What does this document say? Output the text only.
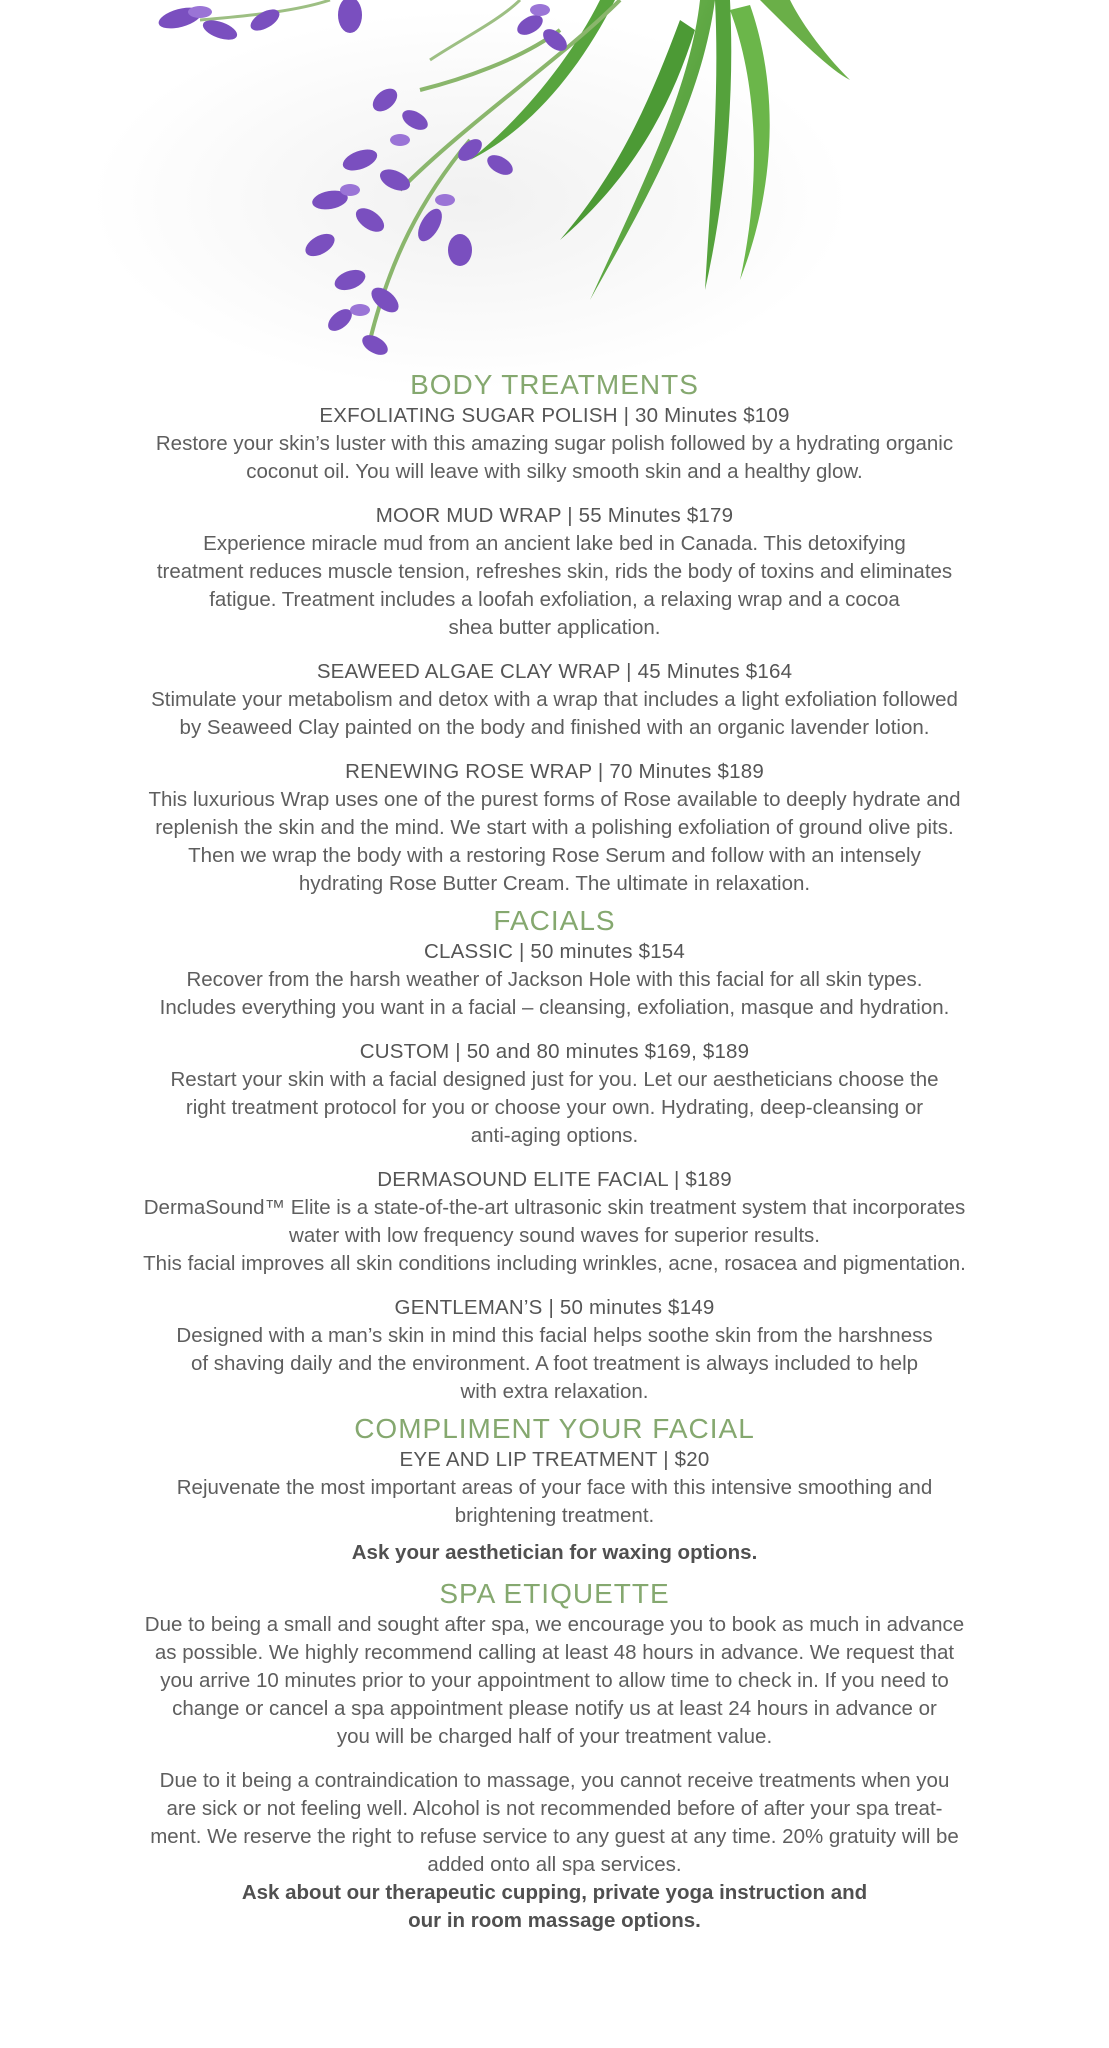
BODY TREATMENTS

EXFOLIATING SUGAR POLISH | 30 Minutes $109

Restore your skin’s luster with this amazing sugar polish followed by a hydrating organic

coconut oil. You will leave with silky smooth skin and a healthy glow.

MOOR MUD WRAP | 55 Minutes $179

Experience miracle mud from an ancient lake bed in Canada. This detoxifying

treatment reduces muscle tension, refreshes skin, rids the body of toxins and eliminates

fatigue. Treatment includes a loofah exfoliation, a relaxing wrap and a cocoa

shea butter application.

SEAWEED ALGAE CLAY WRAP | 45 Minutes $164

Stimulate your metabolism and detox with a wrap that includes a light exfoliation followed

by Seaweed Clay painted on the body and finished with an organic lavender lotion.

RENEWING ROSE WRAP | 70 Minutes $189

This luxurious Wrap uses one of the purest forms of Rose available to deeply hydrate and

replenish the skin and the mind. We start with a polishing exfoliation of ground olive pits.

Then we wrap the body with a restoring Rose Serum and follow with an intensely

hydrating Rose Butter Cream. The ultimate in relaxation.

FACIALS

CLASSIC | 50 minutes $154

Recover from the harsh weather of Jackson Hole with this facial for all skin types.

Includes everything you want in a facial – cleansing, exfoliation, masque and hydration.

CUSTOM | 50 and 80 minutes $169, $189

Restart your skin with a facial designed just for you. Let our aestheticians choose the

right treatment protocol for you or choose your own. Hydrating, deep-cleansing or

anti-aging options.

DERMASOUND ELITE FACIAL | $189

DermaSound™ Elite is a state-of-the-art ultrasonic skin treatment system that incorporates

water with low frequency sound waves for superior results.

This facial improves all skin conditions including wrinkles, acne, rosacea and pigmentation.

GENTLEMAN’S | 50 minutes $149

Designed with a man’s skin in mind this facial helps soothe skin from the harshness

of shaving daily and the environment. A foot treatment is always included to help

with extra relaxation.

COMPLIMENT YOUR FACIAL

EYE AND LIP TREATMENT | $20

Rejuvenate the most important areas of your face with this intensive smoothing and

brightening treatment.

Ask your aesthetician for waxing options.

SPA ETIQUETTE

Due to being a small and sought after spa, we encourage you to book as much in advance

as possible. We highly recommend calling at least 48 hours in advance. We request that

you arrive 10 minutes prior to your appointment to allow time to check in. If you need to

change or cancel a spa appointment please notify us at least 24 hours in advance or

you will be charged half of your treatment value.

Due to it being a contraindication to massage, you cannot receive treatments when you

are sick or not feeling well. Alcohol is not recommended before of after your spa treat-

ment. We reserve the right to refuse service to any guest at any time. 20% gratuity will be

added onto all spa services.

Ask about our therapeutic cupping, private yoga instruction and

our in room massage options.
